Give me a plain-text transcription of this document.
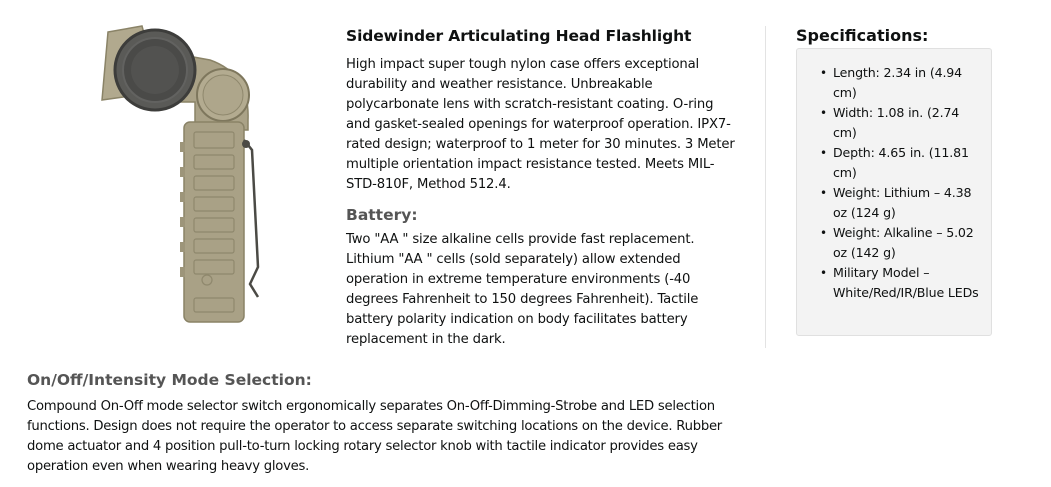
Sidewinder Articulating Head Flashlight

High impact super tough nylon case offers exceptional durability and weather resistance. Unbreakable polycarbonate lens with scratch-resistant coating. O-ring and gasket-sealed openings for waterproof operation. IPX7-rated design; waterproof to 1 meter for 30 minutes. 3 Meter multiple orientation impact resistance tested. Meets MIL-STD-810F, Method 512.4.

Battery:

Two "AA " size alkaline cells provide fast replacement. Lithium "AA " cells (sold separately) allow extended operation in extreme temperature environments (-40 degrees Fahrenheit to 150 degrees Fahrenheit). Tactile battery polarity indication on body facilitates battery replacement in the dark.

Specifications:
• Length: 2.34 in (4.94 cm)
• Width: 1.08 in. (2.74 cm)
• Depth: 4.65 in. (11.81 cm)
• Weight: Lithium – 4.38 oz (124 g)
• Weight: Alkaline – 5.02 oz (142 g)
• Military Model – White/Red/IR/Blue LEDs
On/Off/Intensity Mode Selection:

Compound On-Off mode selector switch ergonomically separates On-Off-Dimming-Strobe and LED selection functions. Design does not require the operator to access separate switching locations on the device. Rubber dome actuator and 4 position pull-to-turn locking rotary selector knob with tactile indicator provides easy operation even when wearing heavy gloves.
